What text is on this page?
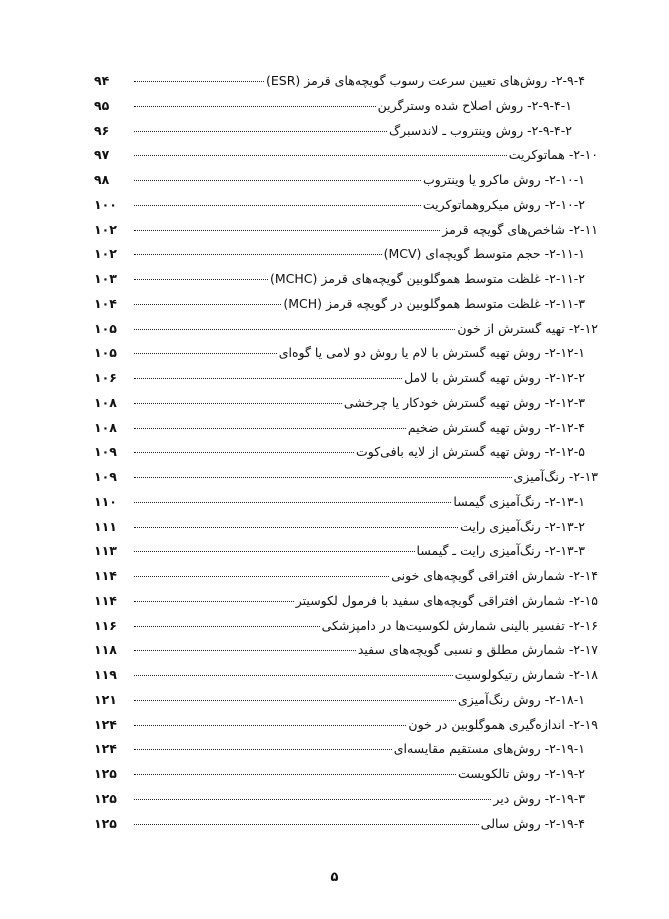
۲-۹-۴- روش‌های تعیین سرعت رسوب گویچه‌های قرمز (ESR)
۹۴
۲-۹-۴-۱- روش اصلاح شده وسترگرین
۹۵
۲-۹-۴-۲- روش وینتروب ـ لاندسبرگ
۹۶
۲-۱۰- هماتوکریت
۹۷
۲-۱۰-۱- روش ماکرو یا وینتروب
۹۸
۲-۱۰-۲- روش میکروهماتوکریت
۱۰۰
۲-۱۱- شاخص‌های گویچه قرمز
۱۰۲
۲-۱۱-۱- حجم متوسط گویچه‌ای (MCV)
۱۰۲
۲-۱۱-۲- غلظت متوسط هموگلوبین گویچه‌های قرمز (MCHC)
۱۰۳
۲-۱۱-۳- غلظت متوسط هموگلوبین در گویچه قرمز (MCH)
۱۰۴
۲-۱۲- تهیه گسترش از خون
۱۰۵
۲-۱۲-۱- روش تهیه گسترش با لام یا روش دو لامی یا گوه‌ای
۱۰۵
۲-۱۲-۲- روش تهیه گسترش با لامل
۱۰۶
۲-۱۲-۳- روش تهیه گسترش خودکار یا چرخشی
۱۰۸
۲-۱۲-۴- روش تهیه گسترش ضخیم
۱۰۸
۲-۱۲-۵- روش تهیه گسترش از لایه بافی‌کوت
۱۰۹
۲-۱۳- رنگ‌آمیزی
۱۰۹
۲-۱۳-۱- رنگ‌آمیزی گیمسا
۱۱۰
۲-۱۳-۲- رنگ‌آمیزی رایت
۱۱۱
۲-۱۳-۳- رنگ‌آمیزی رایت ـ گیمسا
۱۱۳
۲-۱۴- شمارش افتراقی گویچه‌های خونی
۱۱۴
۲-۱۵- شمارش افتراقی گویچه‌های سفید با فرمول لکوسیتر
۱۱۴
۲-۱۶- تفسیر بالینی شمارش لکوسیت‌ها در دامپزشکی
۱۱۶
۲-۱۷- شمارش مطلق و نسبی گویچه‌های سفید
۱۱۸
۲-۱۸- شمارش رتیکولوسیت
۱۱۹
۲-۱۸-۱- روش رنگ‌آمیزی
۱۲۱
۲-۱۹- اندازه‌گیری هموگلوبین در خون
۱۲۴
۲-۱۹-۱- روش‌های مستقیم مقایسه‌ای
۱۲۴
۲-۱۹-۲- روش تالکویست
۱۲۵
۲-۱۹-۳- روش دیر
۱۲۵
۲-۱۹-۴- روش سالی
۱۲۵
۵
